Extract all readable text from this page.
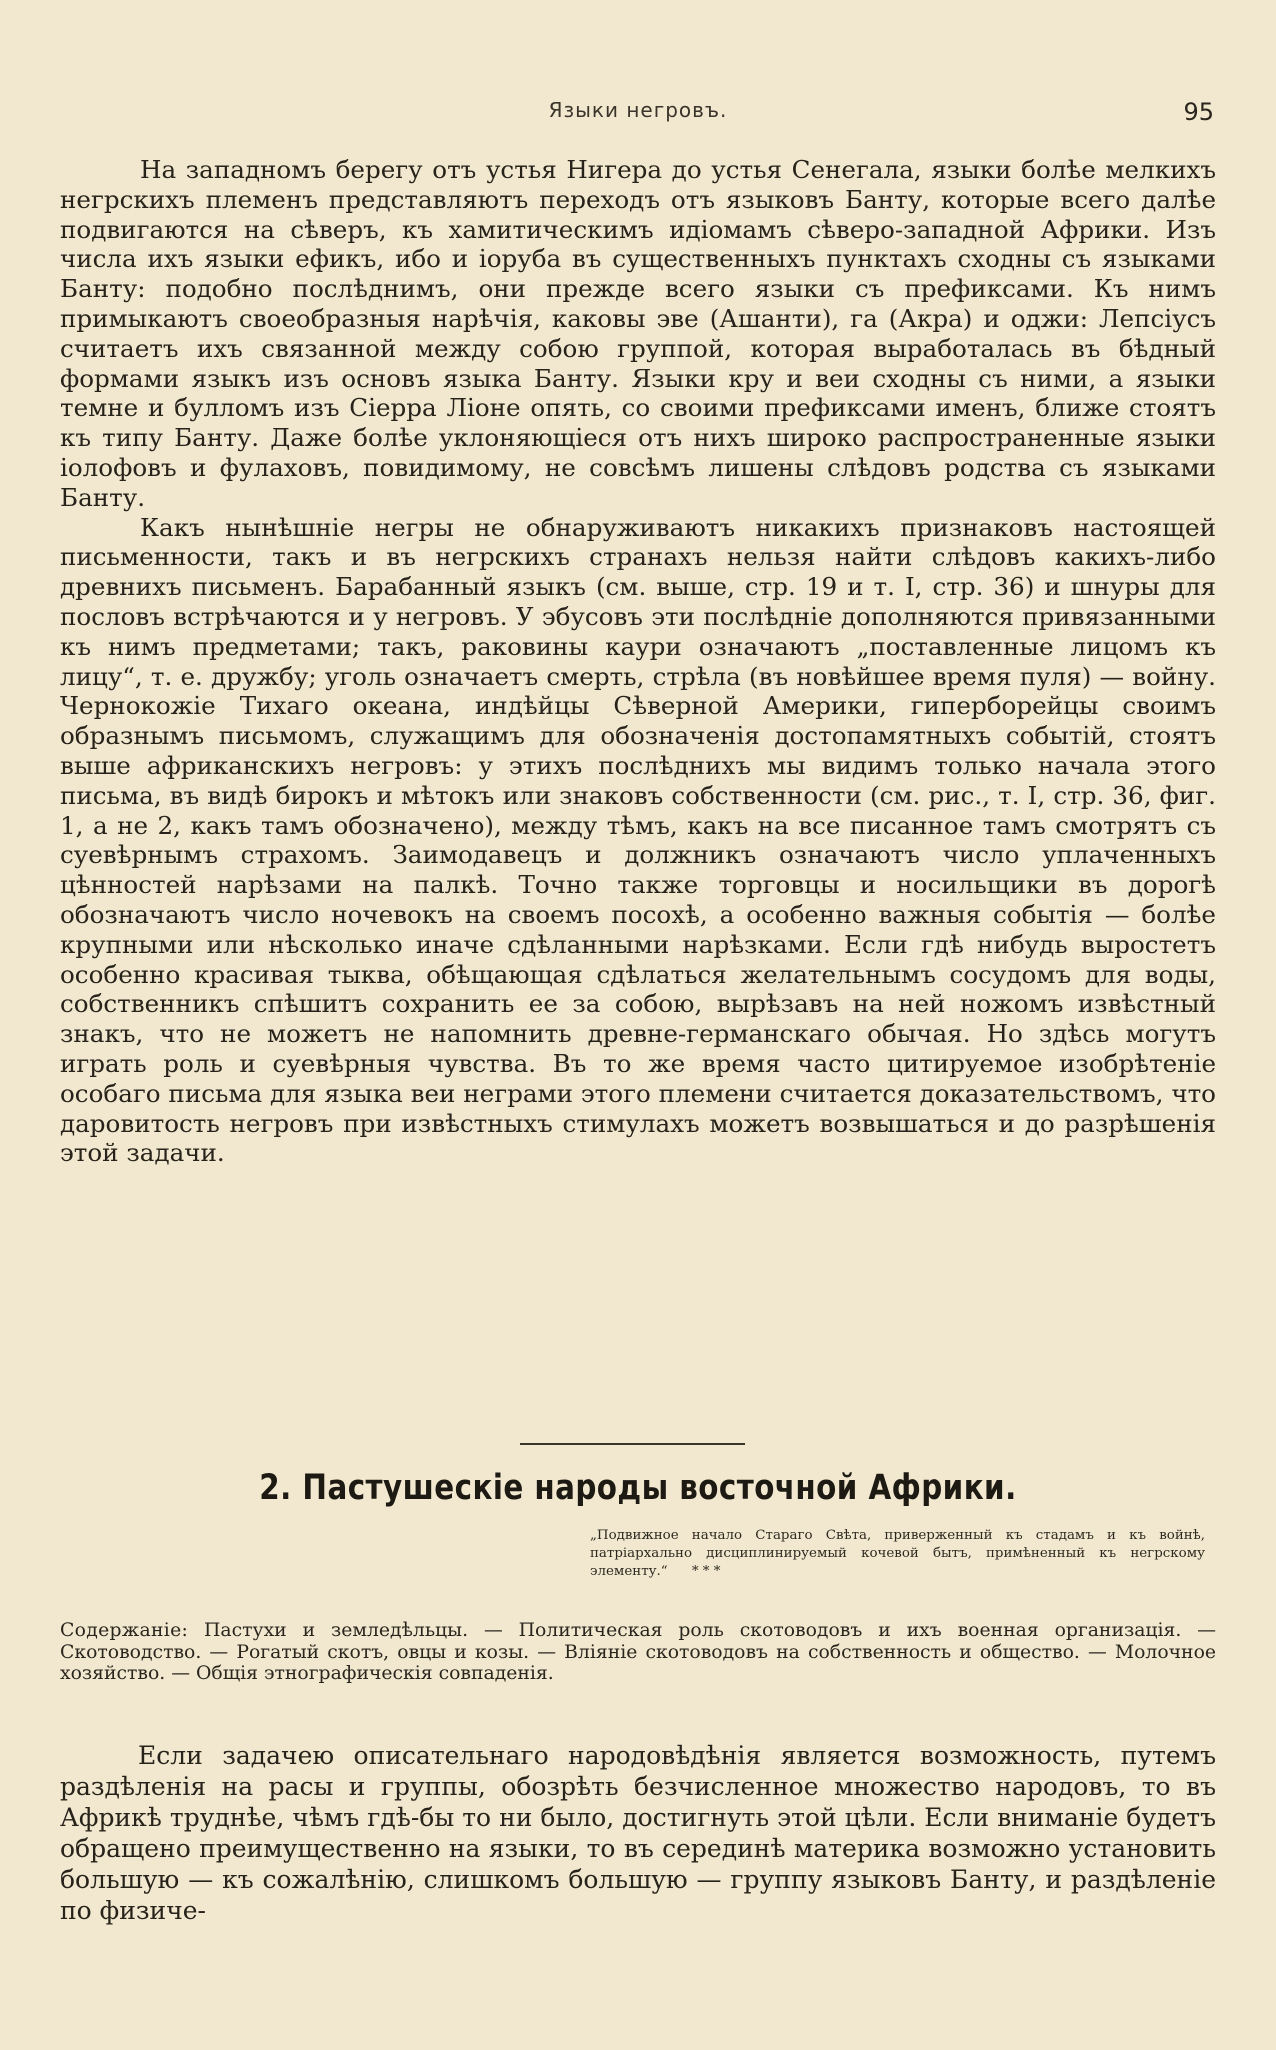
Языки негровъ.	95

На западномъ берегу отъ устья Нигера до устья Сенегала, языки болѣе мелкихъ негрскихъ племенъ представляютъ переходъ отъ языковъ Банту, которые всего далѣе подвигаются на сѣверъ, къ хамитическимъ идіомамъ сѣверо-западной Африки. Изъ числа ихъ языки ефикъ, ибо и іоруба въ существенныхъ пунктахъ сходны съ языками Банту: подобно послѣднимъ, они прежде всего языки съ префиксами. Къ нимъ примыкаютъ своеобразныя нарѣчія, каковы эве (Ашанти), га (Акра) и оджи: Лепсіусъ считаетъ ихъ связанной между собою группой, которая выработалась въ бѣдный формами языкъ изъ основъ языка Банту. Языки кру и веи сходны съ ними, а языки темне и булломъ изъ Сіерра Ліоне опять, со своими префиксами именъ, ближе стоятъ къ типу Банту. Даже болѣе уклоняющіеся отъ нихъ широко распространенные языки іолофовъ и фулаховъ, повидимому, не совсѣмъ лишены слѣдовъ родства съ языками Банту.

Какъ нынѣшніе негры не обнаруживаютъ никакихъ признаковъ настоящей письменности, такъ и въ негрскихъ странахъ нельзя найти слѣдовъ какихъ-либо древнихъ письменъ. Барабанный языкъ (см. выше, стр. 19 и т. I, стр. 36) и шнуры для пословъ встрѣчаются и у негровъ. У эбусовъ эти послѣдніе дополняются привязанными къ нимъ предметами; такъ, раковины каури означаютъ „поставленные лицомъ къ лицу“, т. е. дружбу; уголь означаетъ смерть, стрѣла (въ новѣйшее время пуля) — войну. Чернокожіе Тихаго океана, индѣйцы Сѣверной Америки, гиперборейцы своимъ образнымъ письмомъ, служащимъ для обозначенія достопамятныхъ событій, стоятъ выше африканскихъ негровъ: у этихъ послѣднихъ мы видимъ только начала этого письма, въ видѣ бирокъ и мѣтокъ или знаковъ собственности (см. рис., т. I, стр. 36, фиг. 1, а не 2, какъ тамъ обозначено), между тѣмъ, какъ на все писанное тамъ смотрятъ съ суевѣрнымъ страхомъ. Заимодавецъ и должникъ означаютъ число уплаченныхъ цѣнностей нарѣзами на палкѣ. Точно также торговцы и носильщики въ дорогѣ обозначаютъ число ночевокъ на своемъ посохѣ, а особенно важныя событія — болѣе крупными или нѣсколько иначе сдѣланными нарѣзками. Если гдѣ нибудь выростетъ особенно красивая тыква, обѣщающая сдѣлаться желательнымъ сосудомъ для воды, собственникъ спѣшитъ сохранить ее за собою, вырѣзавъ на ней ножомъ извѣстный знакъ, что не можетъ не напомнить древне-германскаго обычая. Но здѣсь могутъ играть роль и суевѣрныя чувства. Въ то же время часто цитируемое изобрѣтеніе особаго письма для языка веи неграми этого племени считается доказательствомъ, что даровитость негровъ при извѣстныхъ стимулахъ можетъ возвышаться и до разрѣшенія этой задачи.

2. Пастушескіе народы восточной Африки.
„Подвижное начало Стараго Свѣта, приверженный къ стадамъ и къ войнѣ, патріархально дисциплинируемый кочевой бытъ, примѣненный къ негрскому элементу.“ * * *
Содержаніе: Пастухи и земледѣльцы. — Политическая роль скотоводовъ и ихъ военная организація. — Скотоводство. — Рогатый скотъ, овцы и козы. — Вліяніе скотоводовъ на собственность и общество. — Молочное хозяйство. — Общія этнографическія совпаденія.

Если задачею описательнаго народовѣдѣнія является возможность, путемъ раздѣленія на расы и группы, обозрѣть безчисленное множество народовъ, то въ Африкѣ труднѣе, чѣмъ гдѣ-бы то ни было, достигнуть этой цѣли. Если вниманіе будетъ обращено преимущественно на языки, то въ серединѣ материка возможно установить большую — къ сожалѣнію, слишкомъ большую — группу языковъ Банту, и раздѣленіе по физиче-
